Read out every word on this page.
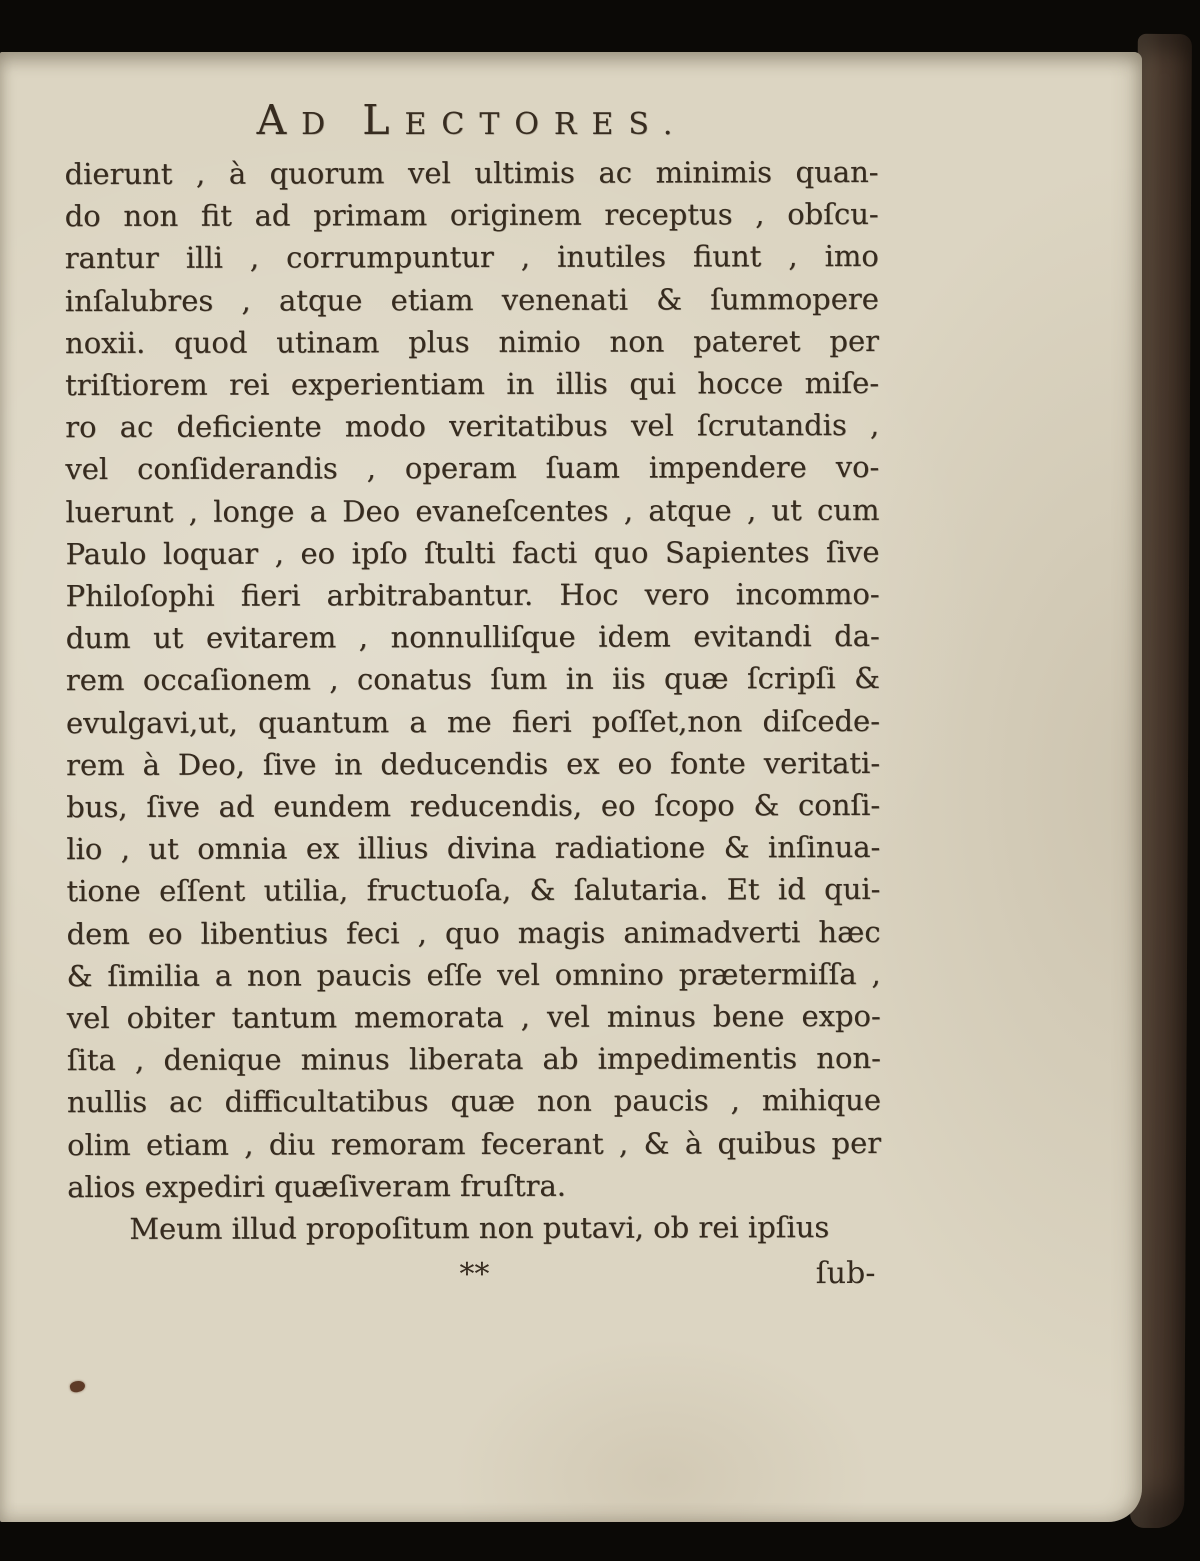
AD LECTORES.
dierunt , à quorum vel ultimis ac minimis quan-
do non fit ad primam originem receptus , obſcu-
rantur illi , corrumpuntur , inutiles fiunt , imo
inſalubres , atque etiam venenati & ſummopere
noxii. quod utinam plus nimio non pateret per
triſtiorem rei experientiam in illis qui hocce miſe-
ro ac deficiente modo veritatibus vel ſcrutandis ,
vel conſiderandis , operam ſuam impendere vo-
luerunt , longe a Deo evaneſcentes , atque , ut cum
Paulo loquar , eo ipſo ſtulti facti quo Sapientes ſive
Philoſophi fieri arbitrabantur. Hoc vero incommo-
dum ut evitarem , nonnulliſque idem evitandi da-
rem occaſionem , conatus ſum in iis quæ ſcripſi &
evulgavi,ut, quantum a me fieri poſſet,non diſcede-
rem à Deo, ſive in deducendis ex eo fonte veritati-
bus, ſive ad eundem reducendis, eo ſcopo & conſi-
lio , ut omnia ex illius divina radiatione & inſinua-
tione eſſent utilia, fructuoſa, & ſalutaria. Et id qui-
dem eo libentius feci , quo magis animadverti hæc
& ſimilia a non paucis eſſe vel omnino prætermiſſa ,
vel obiter tantum memorata , vel minus bene expo-
ſita , denique minus liberata ab impedimentis non-
nullis ac difficultatibus quæ non paucis , mihique
olim etiam , diu remoram fecerant , & à quibus per
alios expediri quæſiveram fruſtra.
Meum illud propoſitum non putavi, ob rei ipſius
**	ſub-
